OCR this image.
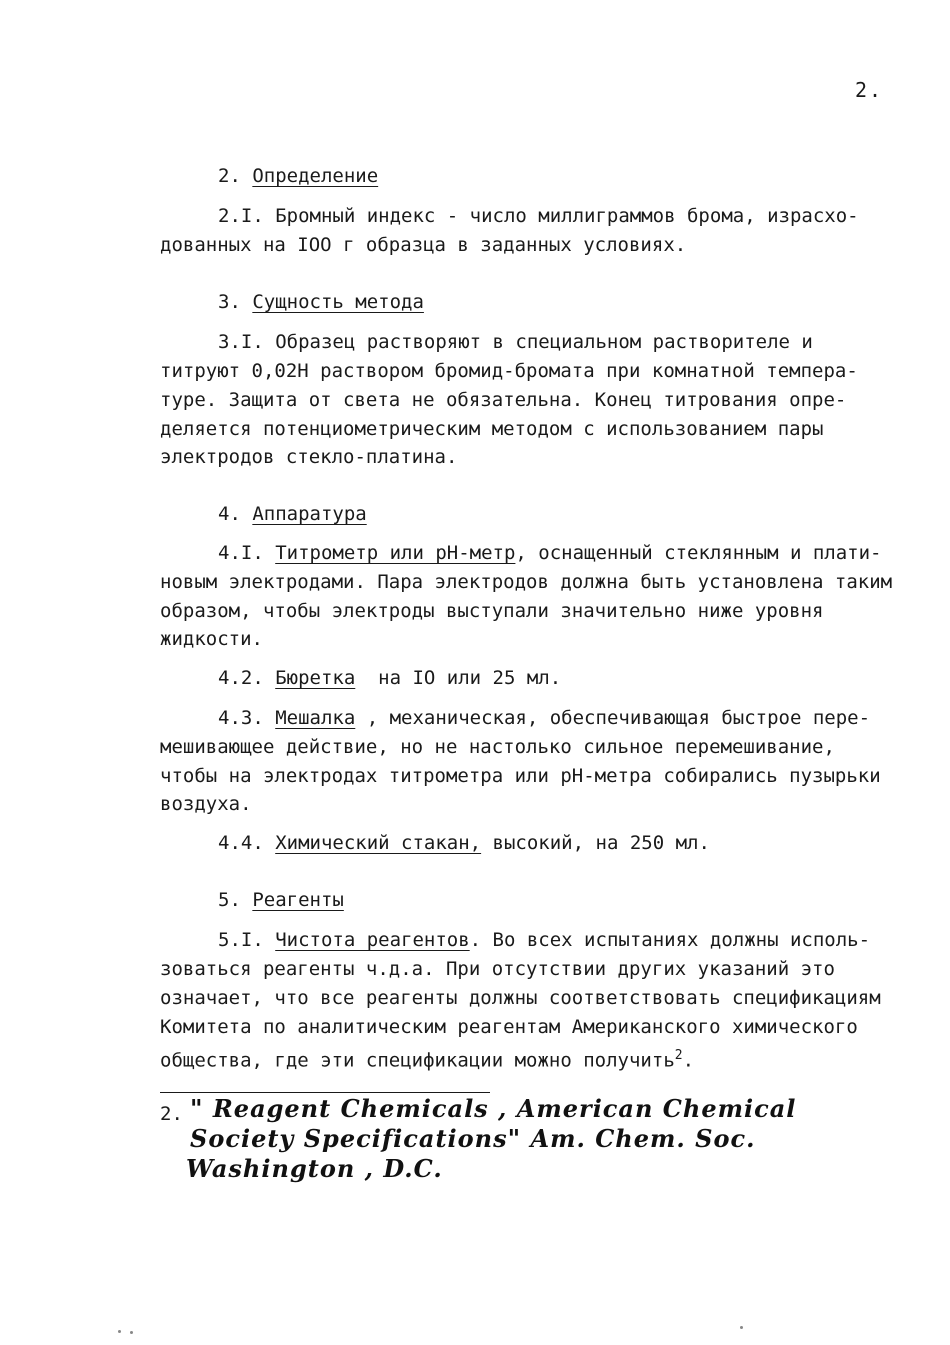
2.
2. Определение
2.I. Бромный индекс - число миллиграммов брома, израсхо-
дованных на IOO г образца в заданных условиях.
3. Сущность метода
3.I. Образец растворяют в специальном растворителе и
титруют 0,02Н раствором бромид-бромата при комнатной темпера-
туре. Защита от света не обязательна. Конец титрования опре-
деляется потенциометрическим методом с использованием пары
электродов стекло-платина.
4. Аппаратура
4.I. Титрометр или pH-метр, оснащенный стеклянным и плати-
новым электродами. Пара электродов должна быть установлена таким
образом, чтобы электроды выступали значительно ниже уровня
жидкости.
4.2. Бюретка  на IO или 25 мл.
4.3. Мешалка , механическая, обеспечивающая быстрое пере-
мешивающее действие, но не настолько сильное перемешивание,
чтобы на электродах титрометра или pH-метра собирались пузырьки
воздуха.
4.4. Химический стакан, высокий, на 250 мл.
5. Реагенты
5.I. Чистота реагентов. Во всех испытаниях должны исполь-
зоваться реагенты ч.д.а. При отсутствии других указаний это
означает, что все реагенты должны соответствовать спецификациям
Комитета по аналитическим реагентам Американского химического
общества, где эти спецификации можно получить$^2$.
2. " Reagent Chemicals , American Chemical
Society Specifications" Am. Chem. Soc.
Washington , D.C.
